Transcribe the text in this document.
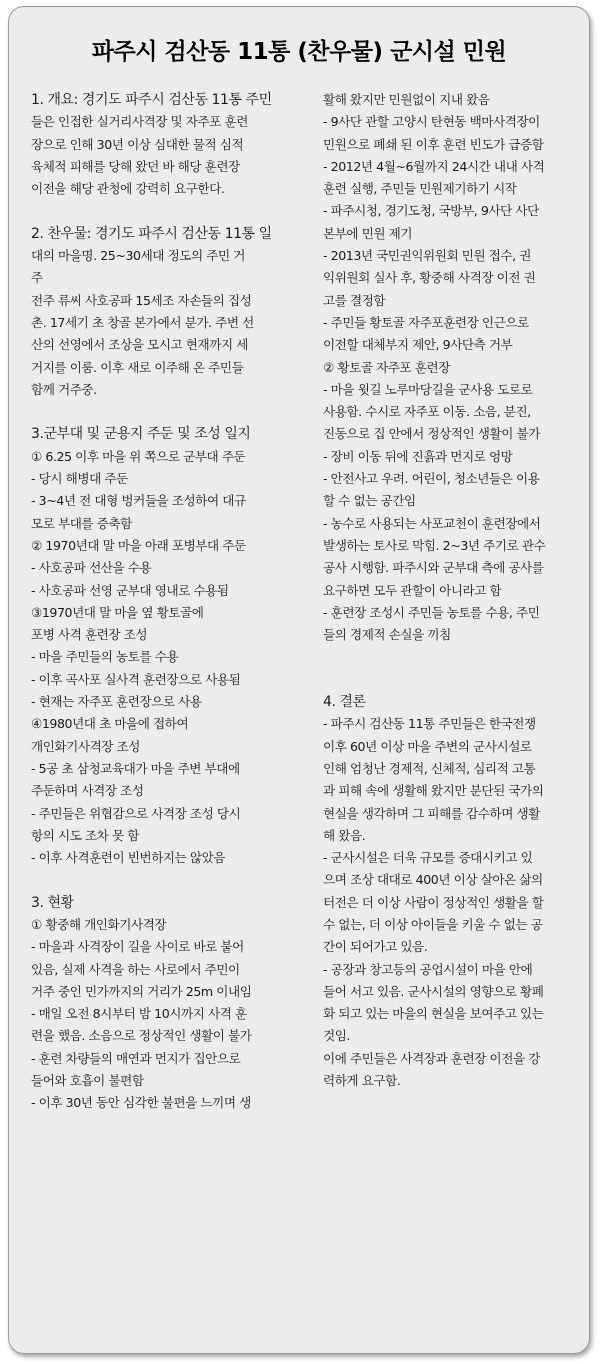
파주시 검산동 11통 (찬우물) 군시설 민원
1. 개요: 경기도 파주시 검산동 11통 주민
들은 인접한 실거리사격장 및 자주포 훈련
장으로 인해 30년 이상 심대한 물적 심적
육체적 피해를 당해 왔던 바 해당 훈련장
이전을 해당 관청에 강력히 요구한다.
2. 찬우물: 경기도 파주시 검산동 11통 일
대의 마을명. 25~30세대 정도의 주민 거
주
전주 류씨 사호공파 15세조 자손들의 집성
촌. 17세기 초 창골 본가에서 분가. 주변 선
산의 선영에서 조상을 모시고 현재까지 세
거지를 이룸. 이후 새로 이주해 온 주민들
함께 거주중.
3.군부대 및 군용지 주둔 및 조성 일지
① 6.25 이후 마을 위 쪽으로 군부대 주둔
- 당시 해병대 주둔
- 3~4년 전 대형 벙커들을 조성하여 대규
모로 부대를 증축함
② 1970년대 말 마을 아래 포병부대 주둔
- 사호공파 선산을 수용
- 사호공파 선영 군부대 영내로 수용됨
③1970년대 말 마을 옆 황토골에
포병 사격 훈련장 조성
- 마을 주민들의 농토를 수용
- 이후 곡사포 실사격 훈련장으로 사용됨
- 현재는 자주포 훈련장으로 사용
④1980년대 초 마을에 접하여
개인화기사격장 조성
- 5공 초 삼청교육대가 마을 주변 부대에
주둔하며 사격장 조성
- 주민들은 위협감으로 사격장 조성 당시
항의 시도 조차 못 함
- 이후 사격훈련이 빈번하지는 않았음
3. 현황
① 황중해 개인화기사격장
- 마을과 사격장이 길을 사이로 바로 붙어
있음, 실제 사격을 하는 사로에서 주민이
거주 중인 민가까지의 거리가 25m 이내임
- 매일 오전 8시부터 밤 10시까지 사격 훈
련을 했음. 소음으로 정상적인 생활이 불가
- 훈련 차량들의 매연과 먼지가 집안으로
들어와 호흡이 불편함
- 이후 30년 동안 심각한 불편을 느끼며 생
활해 왔지만 민원없이 지내 왔음
- 9사단 관할 고양시 탄현동 백마사격장이
민원으로 폐쇄 된 이후 훈련 빈도가 급증함
- 2012년 4월~6월까지 24시간 내내 사격
훈련 실행, 주민들 민원제기하기 시작
- 파주시청, 경기도청, 국방부, 9사단 사단
본부에 민원 제기
- 2013년 국민권익위원회 민원 접수, 권
익위원회 실사 후, 황중해 사격장 이전 권
고를 결정함
- 주민들 황토골 자주포훈련장 인근으로
이전할 대체부지 제안, 9사단측 거부
② 황토골 자주포 훈련장
- 마을 윗길 노루마당길을 군사용 도로로
사용함. 수시로 자주포 이동. 소음, 분진,
진동으로 집 안에서 정상적인 생활이 불가
- 장비 이동 뒤에 진흙과 먼지로 엉망
- 안전사고 우려. 어린이, 청소년들은 이용
할 수 없는 공간임
- 농수로 사용되는 사포교천이 훈련장에서
발생하는 토사로 막힘. 2~3년 주기로 관수
공사 시행함. 파주시와 군부대 측에 공사를
요구하면 모두 관할이 아니라고 함
- 훈련장 조성시 주민들 농토를 수용, 주민
들의 경제적 손실을 끼침
4. 결론
- 파주시 검산동 11통 주민들은 한국전쟁
이후 60년 이상 마을 주변의 군사시설로
인해 엄청난 경제적, 신체적, 심리적 고통
과 피해 속에 생활해 왔지만 분단된 국가의
현실을 생각하며 그 피해를 감수하며 생활
해 왔음.
- 군사시설은 더욱 규모를 증대시키고 있
으며 조상 대대로 400년 이상 살아온 삶의
터전은 더 이상 사람이 정상적인 생활을 할
수 없는, 더 이상 아이들을 키울 수 없는 공
간이 되어가고 있음.
- 공장과 창고등의 공업시설이 마을 안에
들어 서고 있음. 군사시설의 영향으로 황폐
화 되고 있는 마을의 현실을 보여주고 있는
것임.
이에 주민들은 사격장과 훈련장 이전을 강
력하게 요구함.
